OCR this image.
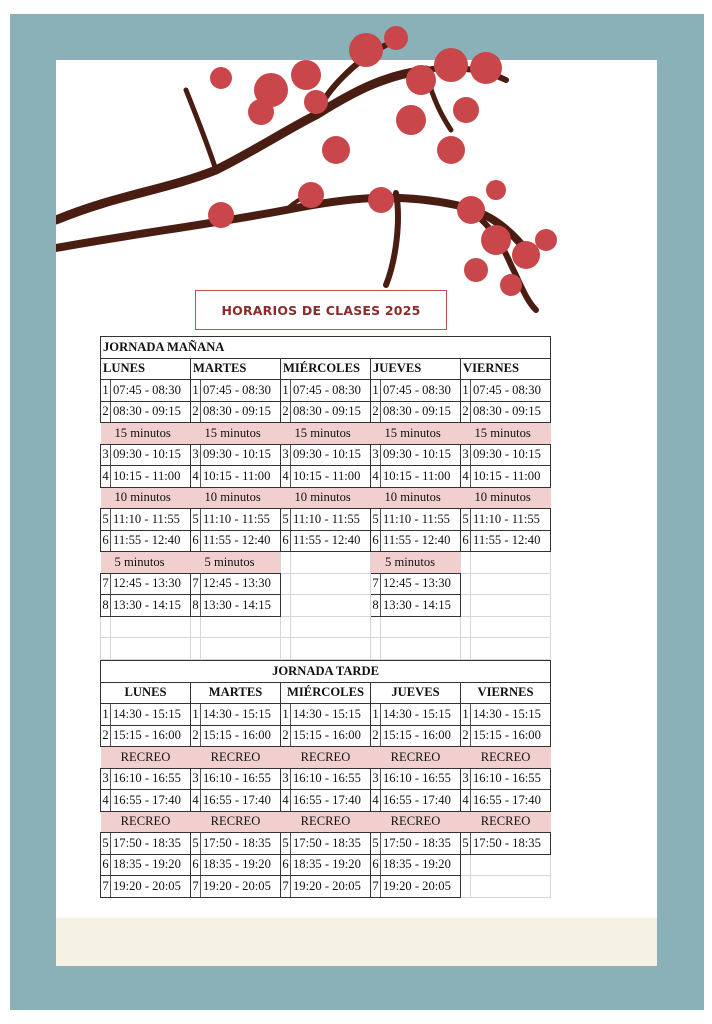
HORARIOS DE CLASES 2025
JORNADA MAÑANA									
LUNES		MARTES		MIÉRCOLES		JUEVES		VIERNES	
1	07:45 - 08:30	1	07:45 - 08:30	1	07:45 - 08:30	1	07:45 - 08:30	1	07:45 - 08:30
2	08:30 - 09:15	2	08:30 - 09:15	2	08:30 - 09:15	2	08:30 - 09:15	2	08:30 - 09:15
15 minutos		15 minutos		15 minutos		15 minutos		15 minutos	
3	09:30 - 10:15	3	09:30 - 10:15	3	09:30 - 10:15	3	09:30 - 10:15	3	09:30 - 10:15
4	10:15 - 11:00	4	10:15 - 11:00	4	10:15 - 11:00	4	10:15 - 11:00	4	10:15 - 11:00
10 minutos		10 minutos		10 minutos		10 minutos		10 minutos	
5	11:10 - 11:55	5	11:10 - 11:55	5	11:10 - 11:55	5	11:10 - 11:55	5	11:10 - 11:55
6	11:55 - 12:40	6	11:55 - 12:40	6	11:55 - 12:40	6	11:55 - 12:40	6	11:55 - 12:40
5 minutos		5 minutos				5 minutos			
7	12:45 - 13:30	7	12:45 - 13:30			7	12:45 - 13:30		
8	13:30 - 14:15	8	13:30 - 14:15			8	13:30 - 14:15		

JORNADA TARDE									
LUNES		MARTES		MIÉRCOLES		JUEVES		VIERNES	
1	14:30 - 15:15	1	14:30 - 15:15	1	14:30 - 15:15	1	14:30 - 15:15	1	14:30 - 15:15
2	15:15 - 16:00	2	15:15 - 16:00	2	15:15 - 16:00	2	15:15 - 16:00	2	15:15 - 16:00
RECREO		RECREO		RECREO		RECREO		RECREO	
3	16:10 - 16:55	3	16:10 - 16:55	3	16:10 - 16:55	3	16:10 - 16:55	3	16:10 - 16:55
4	16:55 - 17:40	4	16:55 - 17:40	4	16:55 - 17:40	4	16:55 - 17:40	4	16:55 - 17:40
RECREO		RECREO		RECREO		RECREO		RECREO	
5	17:50 - 18:35	5	17:50 - 18:35	5	17:50 - 18:35	5	17:50 - 18:35	5	17:50 - 18:35
6	18:35 - 19:20	6	18:35 - 19:20	6	18:35 - 19:20	6	18:35 - 19:20		
7	19:20 - 20:05	7	19:20 - 20:05	7	19:20 - 20:05	7	19:20 - 20:05		
